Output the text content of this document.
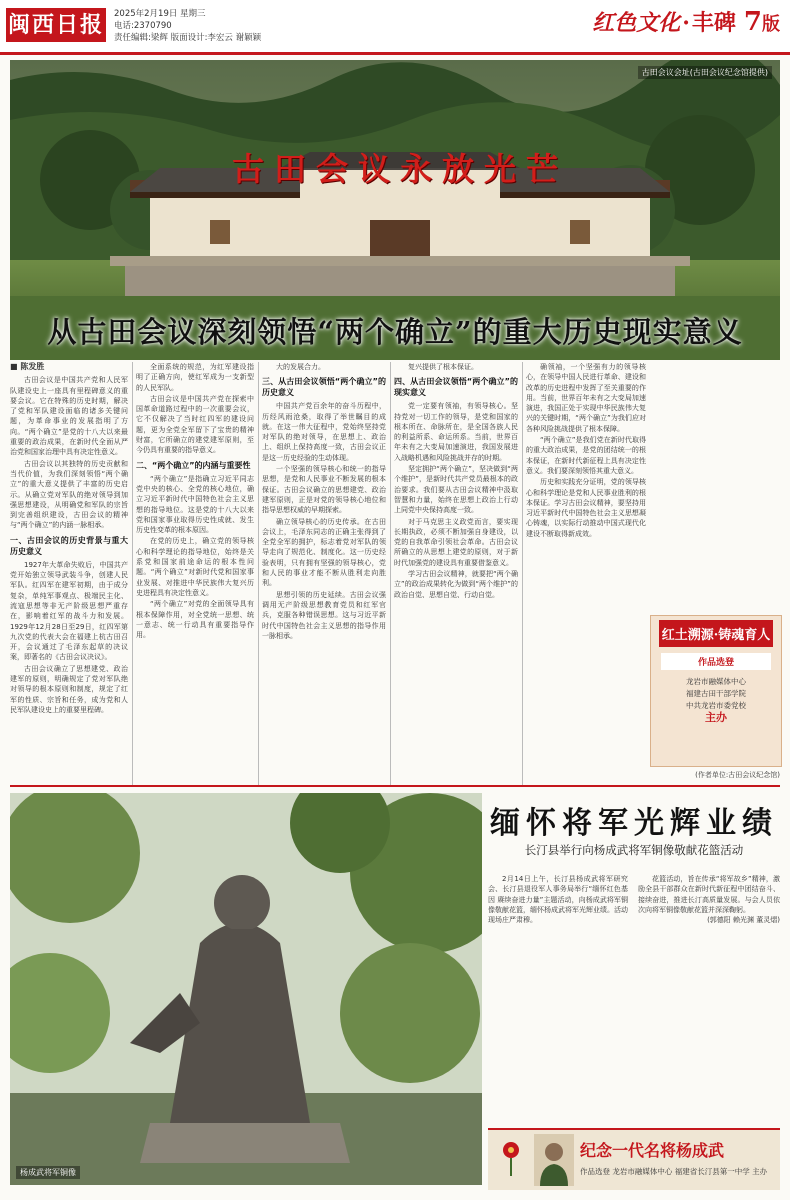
闽西日报 2025年2月19日 星期三
电话:2370790
责任编辑:梁辉 版面设计:李宏云 谢颖颖
红色文化·丰碑 7版
古田会议会址(古田会议纪念馆提供)
古田会议永放光芒
从古田会议深刻领悟“两个确立”的重大历史现实意义
■ 陈发胜

古田会议是中国共产党和人民军队建设史上一座具有里程碑意义的重要会议。它在特殊的历史时期，解决了党和军队建设面临的诸多关键问题，为革命事业的发展指明了方向。“两个确立”是党的十八大以来最重要的政治成果，在新时代全面从严治党和国家治理中具有决定性意义。

古田会议以其独特的历史贡献和当代价值，为我们深刻领悟“两个确立”的重大意义提供了丰富的历史启示。从确立党对军队的绝对领导到加强思想建设，从明确党和军队的宗旨到完善组织建设，古田会议的精神与“两个确立”的内涵一脉相承。

一、古田会议的历史背景与重大历史意义

1927年大革命失败后，中国共产党开始独立领导武装斗争，创建人民军队。红四军在建军初期，由于成分复杂，单纯军事观点、极端民主化、流寇思想等非无产阶级思想严重存在，影响着红军的战斗力和发展。1929年12月28日至29日，红四军第九次党的代表大会在福建上杭古田召开，会议通过了毛泽东起草的决议案，即著名的《古田会议决议》。

古田会议确立了思想建党、政治建军的原则，明确规定了党对军队绝对领导的根本原则和制度，规定了红军的性质、宗旨和任务，成为党和人民军队建设史上的重要里程碑。

全面系统的规范，为红军建设指明了正确方向，使红军成为一支新型的人民军队。

古田会议是中国共产党在探索中国革命道路过程中的一次重要会议，它不仅解决了当时红四军的建设问题，更为全党全军留下了宝贵的精神财富，它所确立的建党建军原则，至今仍具有重要的指导意义。

二、“两个确立”的内涵与重要性

“两个确立”是指确立习近平同志党中央的核心、全党的核心地位，确立习近平新时代中国特色社会主义思想的指导地位。这是党的十八大以来党和国家事业取得历史性成就、发生历史性变革的根本原因。

在党的历史上，确立党的领导核心和科学理论的指导地位，始终是关系党和国家前途命运的根本性问题。“两个确立”对新时代党和国家事业发展、对推进中华民族伟大复兴历史进程具有决定性意义。

“两个确立”对党的全面领导具有根本保障作用，对全党统一思想、统一意志、统一行动具有重要指导作用。

大的发展合力。

三、从古田会议领悟“两个确立”的历史意义

中国共产党百余年的奋斗历程中，历经风雨沧桑，取得了举世瞩目的成就。在这一伟大征程中，党始终坚持党对军队的绝对领导，在思想上、政治上、组织上保持高度一致，古田会议正是这一历史经验的生动体现。

一个坚强的领导核心和统一的指导思想，是党和人民事业不断发展的根本保证。古田会议确立的思想建党、政治建军原则，正是对党的领导核心地位和指导思想权威的早期探索。

确立领导核心的历史传承。在古田会议上，毛泽东同志的正确主张得到了全党全军的拥护，标志着党对军队的领导走向了规范化、制度化。这一历史经验表明，只有拥有坚强的领导核心，党和人民的事业才能不断从胜利走向胜利。

思想引领的历史延续。古田会议强调用无产阶级思想教育党员和红军官兵，克服各种错误思想。这与习近平新时代中国特色社会主义思想的指导作用一脉相承。

复兴提供了根本保证。

四、从古田会议领悟“两个确立”的现实意义

党一定要有领袖，有领导核心。坚持党对一切工作的领导，是党和国家的根本所在、命脉所在，是全国各族人民的利益所系、命运所系。当前，世界百年未有之大变局加速演进，我国发展进入战略机遇和风险挑战并存的时期。

坚定拥护“两个确立”，坚决做到“两个维护”，是新时代共产党员最根本的政治要求。我们要从古田会议精神中汲取智慧和力量，始终在思想上政治上行动上同党中央保持高度一致。

对于马克思主义政党而言，要实现长期执政，必须不断加强自身建设，以党的自我革命引领社会革命。古田会议所确立的从思想上建党的原则，对于新时代加强党的建设具有重要借鉴意义。

学习古田会议精神，就要把“两个确立”的政治成果转化为做到“两个维护”的政治自觉、思想自觉、行动自觉。

确领袖，一个坚强有力的领导核心，在领导中国人民进行革命、建设和改革的历史进程中发挥了至关重要的作用。当前，世界百年未有之大变局加速演进，我国正处于实现中华民族伟大复兴的关键时期，“两个确立”为我们应对各种风险挑战提供了根本保障。

“两个确立”是我们党在新时代取得的重大政治成果，是党的团结统一的根本保证，在新时代新征程上具有决定性意义。我们要深刻领悟其重大意义。

历史和实践充分证明，党的领导核心和科学理论是党和人民事业胜利的根本保证。学习古田会议精神，要坚持用习近平新时代中国特色社会主义思想凝心铸魂，以实际行动推动中国式现代化建设不断取得新成效。

红土溯源·铸魂育人
作品选登
龙岩市融媒体中心
福建古田干部学院
中共龙岩市委党校
主办
(作者单位:古田会议纪念馆)
杨成武将军铜像
缅怀将军光辉业绩
长汀县举行向杨成武将军铜像敬献花篮活动

2月14日上午，长汀县杨成武将军研究会、长汀县退役军人事务局举行“缅怀红色基因 赓续奋进力量”主题活动，向杨成武将军铜像敬献花篮，缅怀杨成武将军光辉业绩。活动现场庄严肃穆。

花篮活动，旨在传承“将军故乡”精神，激励全县干部群众在新时代新征程中团结奋斗、接续奋进，推进长汀高质量发展。与会人员依次向将军铜像敬献花篮并深深鞠躬。

(郭德阳 赖光渊 董灵熠)
纪念一代名将杨成武
作品选登 龙岩市融媒体中心 福建省长汀县第一中学 主办
